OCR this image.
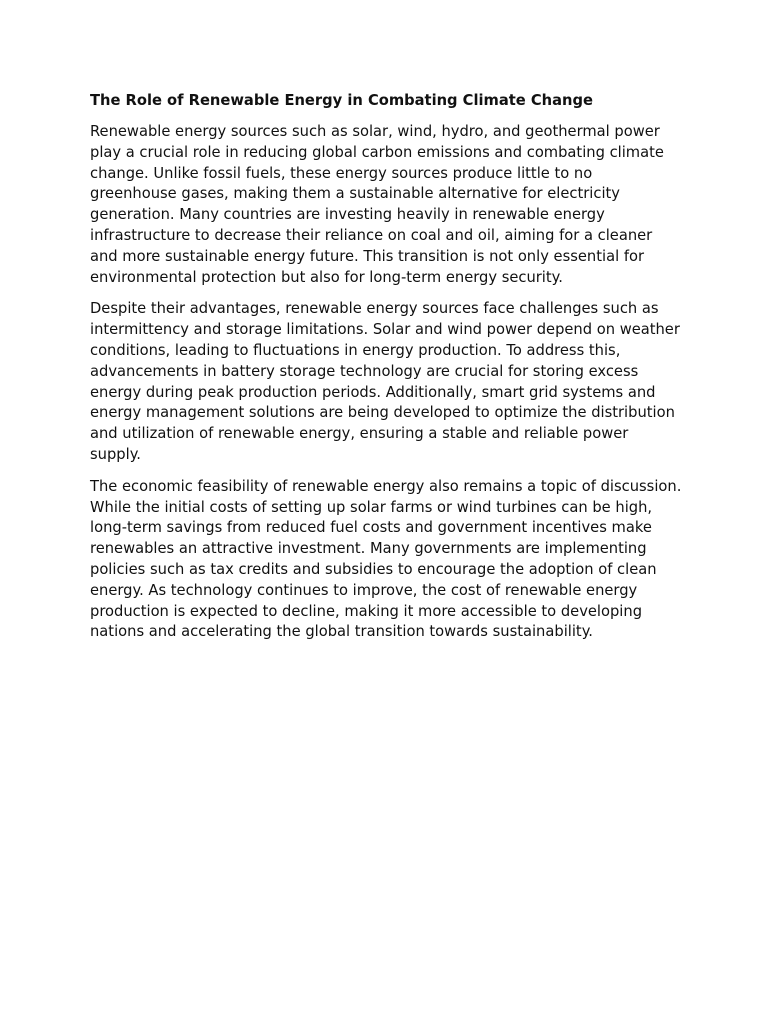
The Role of Renewable Energy in Combating Climate Change

Renewable energy sources such as solar, wind, hydro, and geothermal power play a crucial role in reducing global carbon emissions and combating climate change. Unlike fossil fuels, these energy sources produce little to no greenhouse gases, making them a sustainable alternative for electricity generation. Many countries are investing heavily in renewable energy infrastructure to decrease their reliance on coal and oil, aiming for a cleaner and more sustainable energy future. This transition is not only essential for environmental protection but also for long-term energy security.

Despite their advantages, renewable energy sources face challenges such as intermittency and storage limitations. Solar and wind power depend on weather conditions, leading to fluctuations in energy production. To address this, advancements in battery storage technology are crucial for storing excess energy during peak production periods. Additionally, smart grid systems and energy management solutions are being developed to optimize the distribution and utilization of renewable energy, ensuring a stable and reliable power supply.

The economic feasibility of renewable energy also remains a topic of discussion. While the initial costs of setting up solar farms or wind turbines can be high, long-term savings from reduced fuel costs and government incentives make renewables an attractive investment. Many governments are implementing policies such as tax credits and subsidies to encourage the adoption of clean energy. As technology continues to improve, the cost of renewable energy production is expected to decline, making it more accessible to developing nations and accelerating the global transition towards sustainability.
